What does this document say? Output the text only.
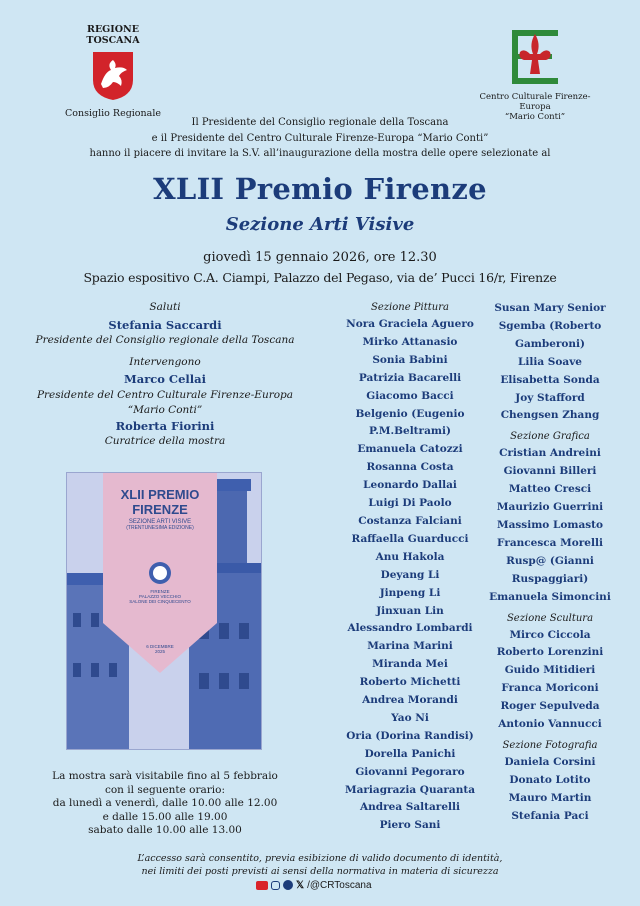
REGIONE TOSCANA
Consiglio Regionale
Centro Culturale Firenze-Europa
“Mario Conti”
Il Presidente del Consiglio regionale della Toscana
e il Presidente del Centro Culturale Firenze-Europa “Mario Conti”
hanno il piacere di invitare la S.V. all’inaugurazione della mostra delle opere selezionate al
XLII Premio Firenze
Sezione Arti Visive
giovedì 15 gennaio 2026, ore 12.30
Spazio espositivo C.A. Ciampi, Palazzo del Pegaso, via de’ Pucci 16/r, Firenze
Saluti
Stefania Saccardi
Presidente del Consiglio regionale della Toscana
Intervengono
Marco Cellai
Presidente del Centro Culturale Firenze-Europa
“Mario Conti”
Roberta Fiorini
Curatrice della mostra
XLII PREMIO
FIRENZE
SEZIONE ARTI VISIVE
(TRENTUNESIMA EDIZIONE)
FIRENZE
PALAZZO VECCHIO
SALONE DEI CINQUECENTO
6 DICEMBRE
2025
La mostra sarà visitabile fino al 5 febbraio
con il seguente orario:
da lunedì a venerdì, dalle 10.00 alle 12.00
e dalle 15.00 alle 19.00
sabato dalle 10.00 alle 13.00
Sezione Pittura
Nora Graciela Aguero
Mirko Attanasio
Sonia Babini
Patrizia Bacarelli
Giacomo Bacci
Belgenio (Eugenio
P.M.Beltrami)
Emanuela Catozzi
Rosanna Costa
Leonardo Dallai
Luigi Di Paolo
Costanza Falciani
Raffaella Guarducci
Anu Hakola
Deyang Li
Jinpeng Li
Jinxuan Lin
Alessandro Lombardi
Marina Marini
Miranda Mei
Roberto Michetti
Andrea Morandi
Yao Ni
Oria (Dorina Randisi)
Dorella Panichi
Giovanni Pegoraro
Mariagrazia Quaranta
Andrea Saltarelli
Piero Sani
Susan Mary Senior
Sgemba (Roberto
Gamberoni)
Lilia Soave
Elisabetta Sonda
Joy Stafford
Chengsen Zhang
Sezione Grafica
Cristian Andreini
Giovanni Billeri
Matteo Cresci
Maurizio Guerrini
Massimo Lomasto
Francesca Morelli
Rusp@ (Gianni
Ruspaggiari)
Emanuela Simoncini
Sezione Scultura
Mirco Ciccola
Roberto Lorenzini
Guido Mitidieri
Franca Moriconi
Roger Sepulveda
Antonio Vannucci
Sezione Fotografia
Daniela Corsini
Donato Lotito
Mauro Martin
Stefania Paci
L’accesso sarà consentito, previa esibizione di valido documento di identità,
nei limiti dei posti previsti ai sensi della normativa in materia di sicurezza
𝕏 /@CRToscana
